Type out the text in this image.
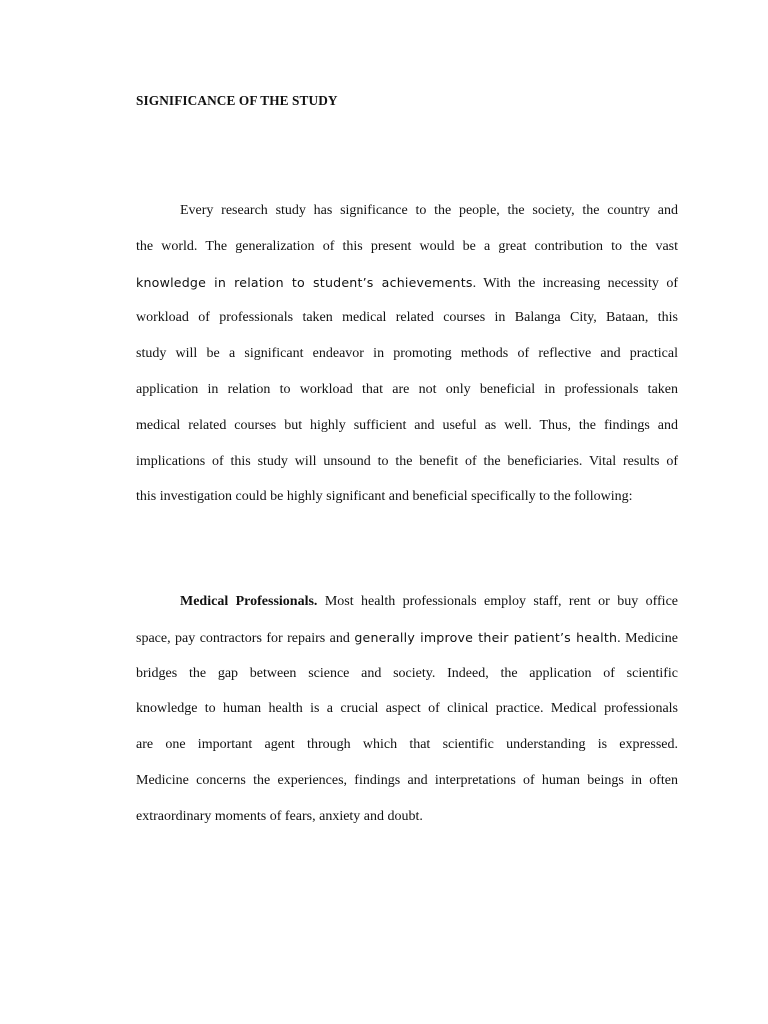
SIGNIFICANCE OF THE STUDY
Every research study has significance to the people, the society, the country and
the world. The generalization of this present would be a great contribution to the vast
knowledge in relation to student’s achievements. With the increasing necessity of
workload of professionals taken medical related courses in Balanga City, Bataan, this
study will be a significant endeavor in promoting methods of reflective and practical
application in relation to workload that are not only beneficial in professionals taken
medical related courses but highly sufficient and useful as well. Thus, the findings and
implications of this study will unsound to the benefit of the beneficiaries. Vital results of
this investigation could be highly significant and beneficial specifically to the following:
Medical Professionals. Most health professionals employ staff, rent or buy office
space, pay contractors for repairs and generally improve their patient’s health. Medicine
bridges the gap between science and society. Indeed, the application of scientific
knowledge to human health is a crucial aspect of clinical practice. Medical professionals
are one important agent through which that scientific understanding is expressed.
Medicine concerns the experiences, findings and interpretations of human beings in often
extraordinary moments of fears, anxiety and doubt.
